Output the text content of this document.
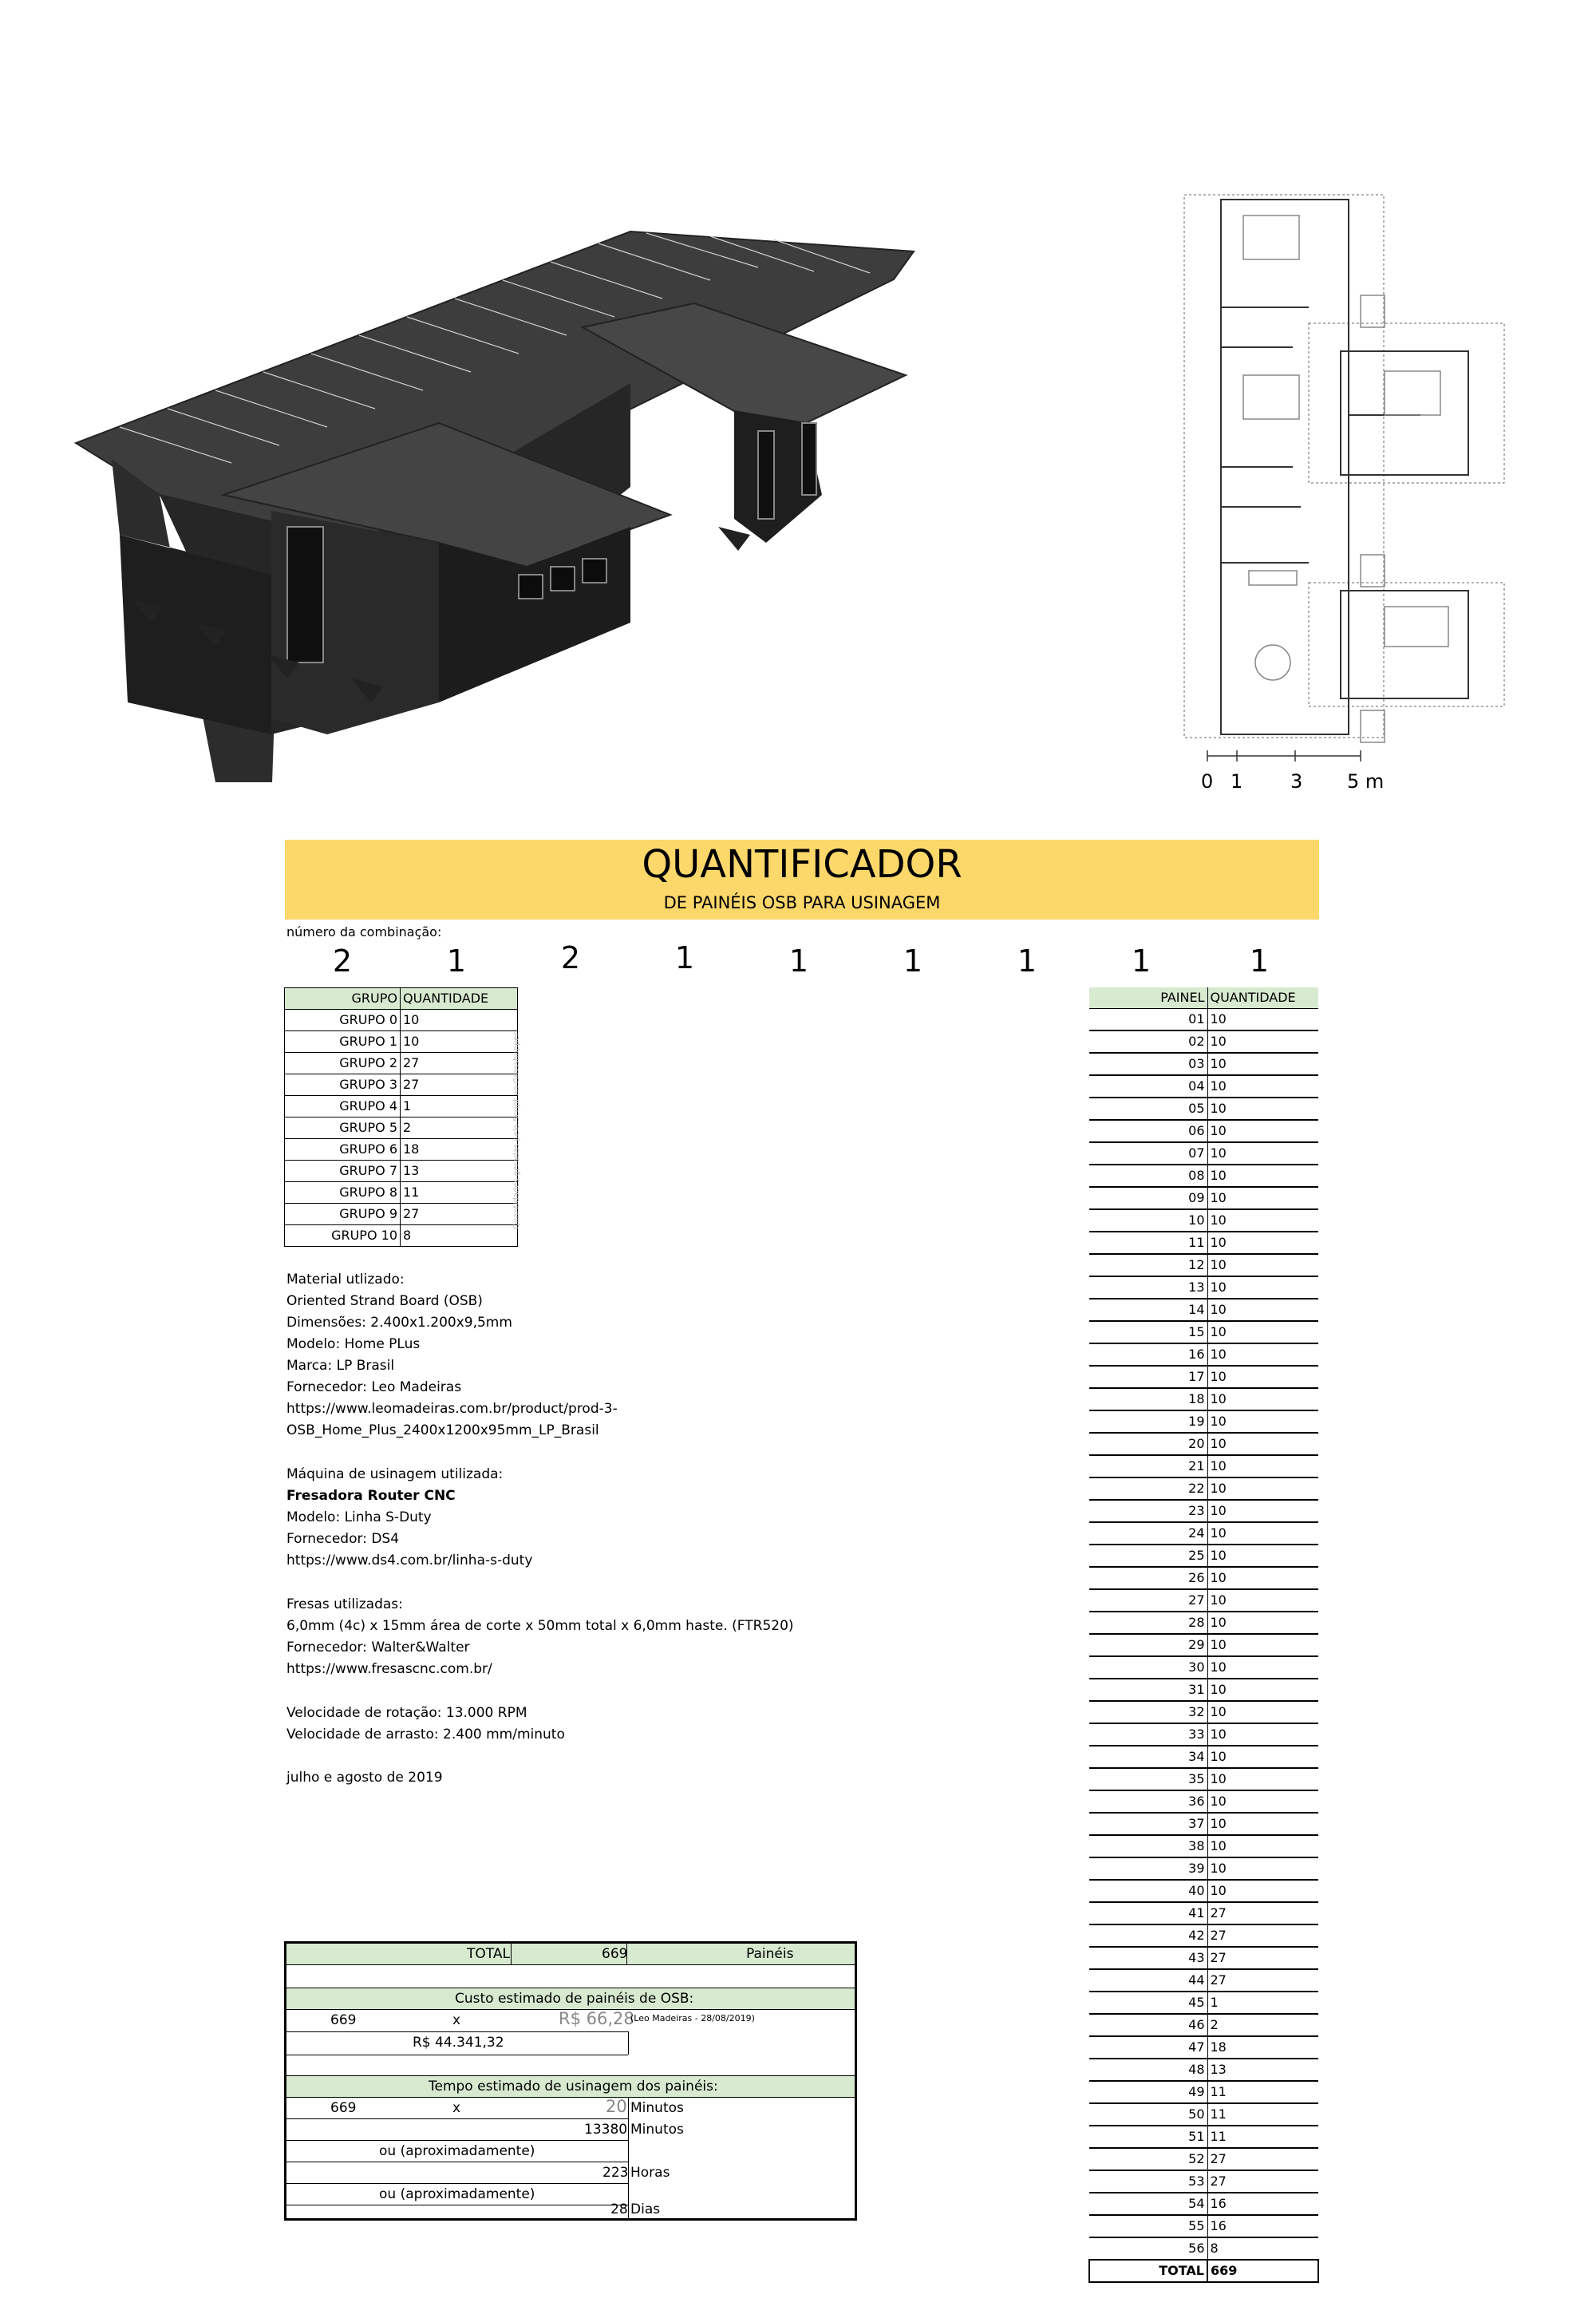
0 1 3 5 m
QUANTIFICADOR
DE PAINÉIS OSB PARA USINAGEM
número da combinação:
2	1	2	1	1	1	1	1	1
GRUPO	QUANTIDADE
GRUPO 0	10
GRUPO 1	10
GRUPO 2	27
GRUPO 3	27
GRUPO 4	1
GRUPO 5	2
GRUPO 6	18
GRUPO 7	13
GRUPO 8	11
GRUPO 9	27
GRUPO 10	8
Quantidades geradas pelo Script no Grasshopper
Material utlizado:
Oriented Strand Board (OSB)
Dimensões: 2.400x1.200x9,5mm
Modelo: Home PLus
Marca: LP Brasil
Fornecedor: Leo Madeiras
https://www.leomadeiras.com.br/product/prod-3-
OSB_Home_Plus_2400x1200x95mm_LP_Brasil
Máquina de usinagem utilizada:
Fresadora Router CNC
Modelo: Linha S-Duty
Fornecedor: DS4
https://www.ds4.com.br/linha-s-duty
Fresas utilizadas:
6,0mm (4c) x 15mm área de corte x 50mm total x 6,0mm haste. (FTR520)
Fornecedor: Walter&Walter
https://www.fresascnc.com.br/
Velocidade de rotação: 13.000 RPM
Velocidade de arrasto: 2.400 mm/minuto
julho e agosto de 2019
PAINEL	QUANTIDADE
01	10
02	10
03	10
04	10
05	10
06	10
07	10
08	10
09	10
10	10
11	10
12	10
13	10
14	10
15	10
16	10
17	10
18	10
19	10
20	10
21	10
22	10
23	10
24	10
25	10
26	10
27	10
28	10
29	10
30	10
31	10
32	10
33	10
34	10
35	10
36	10
37	10
38	10
39	10
40	10
41	27
42	27
43	27
44	27
45	1
46	2
47	18
48	13
49	11
50	11
51	11
52	27
53	27
54	16
55	16
56	8
TOTAL	669
TOTAL	669	Painéis
Custo estimado de painéis de OSB:
669	x	R$ 66,28
(Leo Madeiras - 28/08/2019)
R$ 44.341,32
Tempo estimado de usinagem dos painéis:
669	x	20 Minutos
13380 Minutos
ou (aproximadamente)
223 Horas
ou (aproximadamente)
28 Dias
